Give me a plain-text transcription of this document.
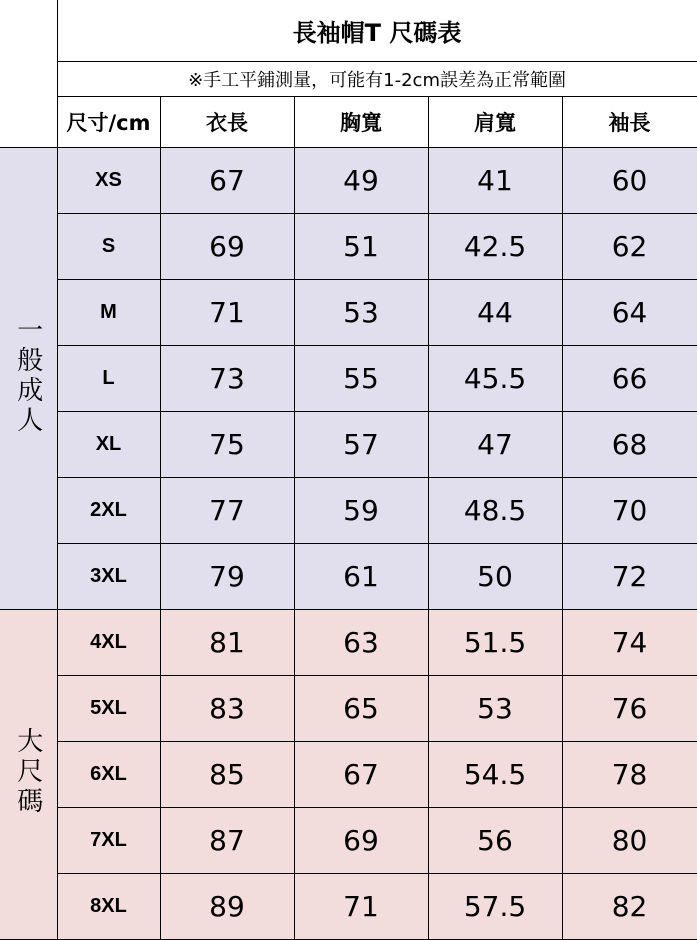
	長袖帽T 尺碼表				
	※手工平鋪測量，可能有1-2cm誤差為正常範圍				
	尺寸/cm	衣長	胸寬	肩寬	袖長
一般成人	XS	67	49	41	60
	S	69	51	42.5	62
	M	71	53	44	64
	L	73	55	45.5	66
	XL	75	57	47	68
	2XL	77	59	48.5	70
	3XL	79	61	50	72
大尺碼	4XL	81	63	51.5	74
	5XL	83	65	53	76
	6XL	85	67	54.5	78
	7XL	87	69	56	80
	8XL	89	71	57.5	82
